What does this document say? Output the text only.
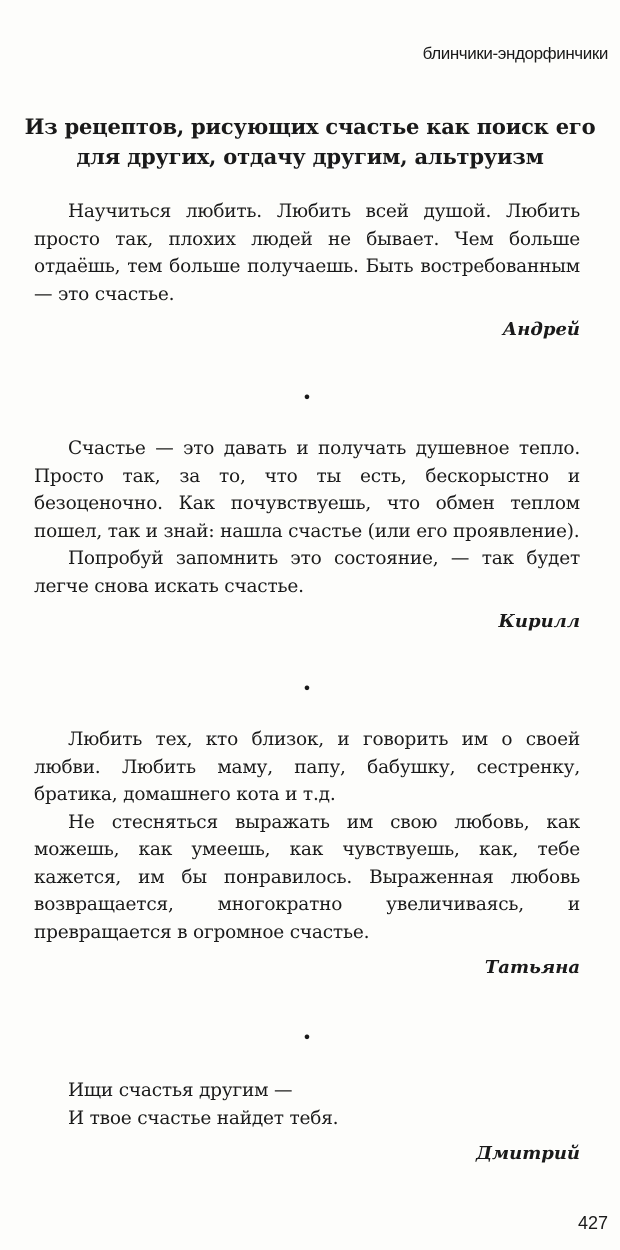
блинчики-эндорфинчики
Из рецептов, рисующих счастье как поиск его
для других, отдачу другим, альтруизм

Научиться любить. Любить всей душой. Любить просто так, плохих людей не бывает. Чем больше отдаёшь, тем больше получаешь. Быть востребованным — это счастье.

Андрей
•

Счастье — это давать и получать душевное тепло. Просто так, за то, что ты есть, бескорыстно и безоценочно. Как почувствуешь, что обмен теплом пошел, так и знай: нашла счастье (или его проявление).

Попробуй запомнить это состояние, — так будет легче снова искать счастье.

Кирилл
•

Любить тех, кто близок, и говорить им о своей любви. Любить маму, папу, бабушку, сестренку, братика, домашнего кота и т.д.

Не стесняться выражать им свою любовь, как можешь, как умеешь, как чувствуешь, как, тебе кажется, им бы понравилось. Выраженная любовь возвращается, многократно увеличиваясь, и превращается в огромное счастье.

Татьяна
•

Ищи счастья другим —

И твое счастье найдет тебя.

Дмитрий
427
